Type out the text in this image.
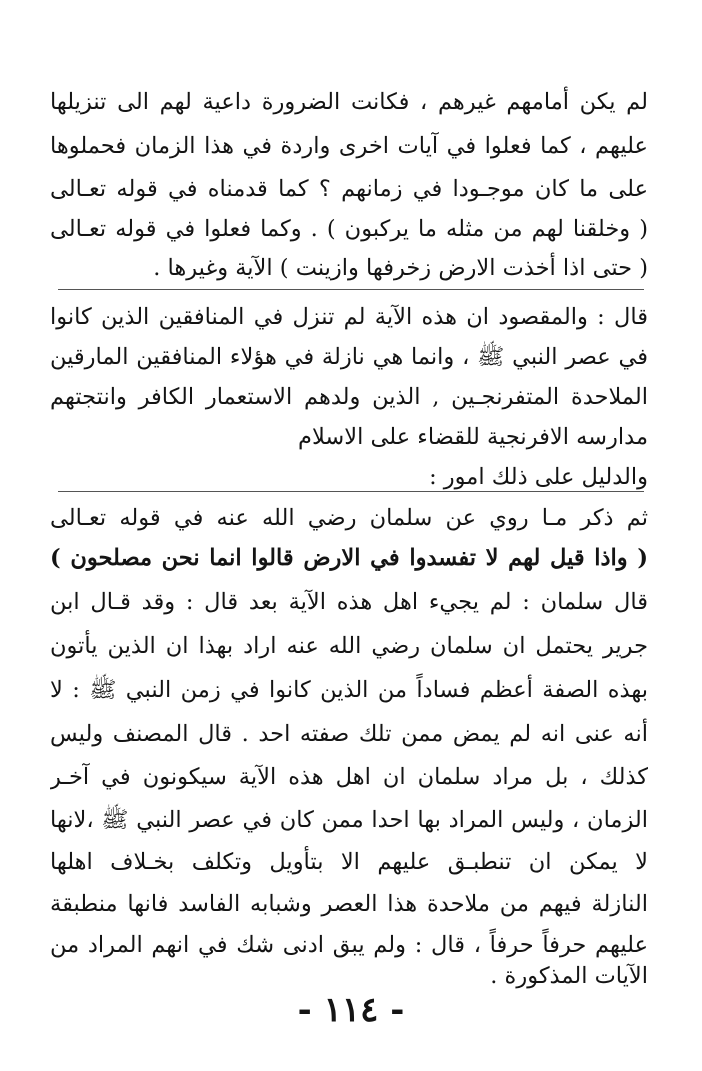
لم يكن أمامهم غيرهم ، فكانت الضرورة داعية لهم الى تنزيلها
عليهم ، كما فعلوا في آيات اخرى واردة في هذا الزمان فحملوها
على ما كان موجـودا في زمانهم ؟ كما قدمناه في قوله تعـالى
( وخلقنا لهم من مثله ما يركبون ) . وكما فعلوا في قوله تعـالى
( حتى اذا أخذت الارض زخرفها وازينت ) الآية وغيرها .
قال : والمقصود ان هذه الآية لم تنزل في المنافقين الذين كانوا
في عصر النبي ﷺ ، وانما هي نازلة في هؤلاء المنافقين المارقين
الملاحدة المتفرنجـين , الذين ولدهم الاستعمار الكافر وانتجتهم
مدارسه الافرنجية للقضاء على الاسلام
والدليل على ذلك امور :
ثم ذكر مـا روي عن سلمان رضي الله عنه في قوله تعـالى
( واذا قيل لهم لا تفسدوا في الارض قالوا انما نحن مصلحون )
قال سلمان : لم يجيء اهل هذه الآية بعد قال : وقد قـال ابن
جرير يحتمل ان سلمان رضي الله عنه اراد بهذا ان الذين يأتون
بهذه الصفة أعظم فساداً من الذين كانوا في زمن النبي ﷺ : لا
أنه عنى انه لم يمض ممن تلك صفته احد . قال المصنف وليس
كذلك ، بل مراد سلمان ان اهل هذه الآية سيكونون في آخـر
الزمان ، وليس المراد بها احدا ممن كان في عصر النبي ﷺ ،لانها
لا يمكن ان تنطبـق عليهم الا بتأويل وتكلف بخـلاف اهلها
النازلة فيهم من ملاحدة هذا العصر وشبابه الفاسد فانها منطبقة
عليهم حرفاً حرفاً ، قال : ولم يبق ادنى شك في انهم المراد من
الآيات المذكورة .
- ١١٤ -
